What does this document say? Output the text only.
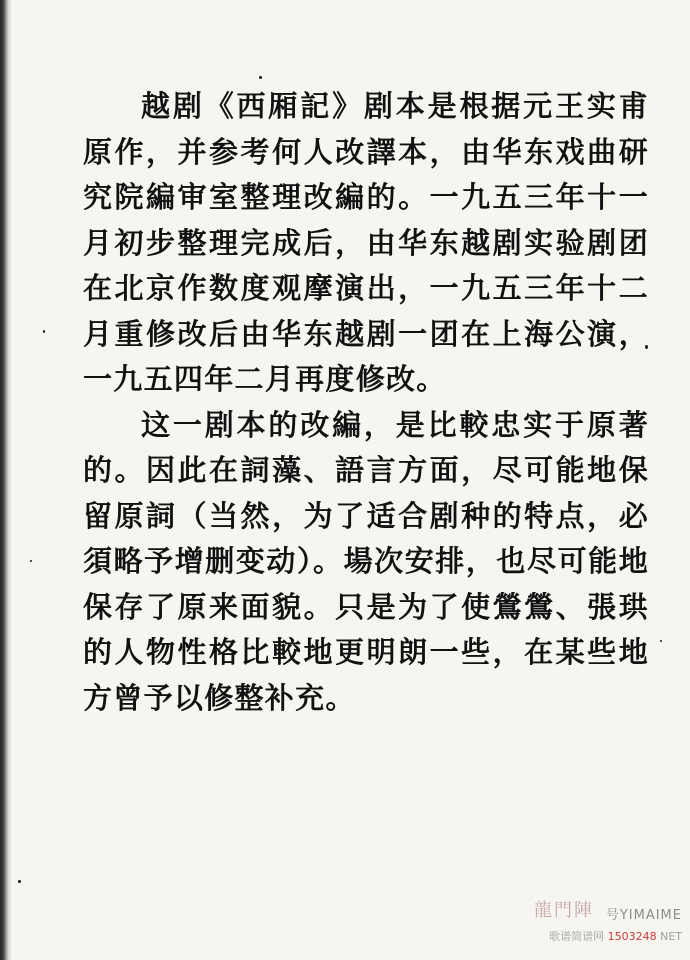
越剧《西厢記》剧本是根据元王实甫原作，并参考何人改譯本，由华东戏曲研究院編审室整理改編的。一九五三年十一月初步整理完成后，由华东越剧实验剧团在北京作数度观摩演出，一九五三年十二月重修改后由华东越剧一团在上海公演，一九五四年二月再度修改。

这一剧本的改編，是比較忠实于原著的。因此在詞藻、語言方面，尽可能地保留原詞（当然，为了适合剧种的特点，必須略予增删变动）。場次安排，也尽可能地保存了原来面貌。只是为了使鶯鶯、張珙的人物性格比較地更明朗一些，在某些地方曾予以修整补充。

龍門陣 号YIMAIME
歌谱简谱网 1503248 NET
